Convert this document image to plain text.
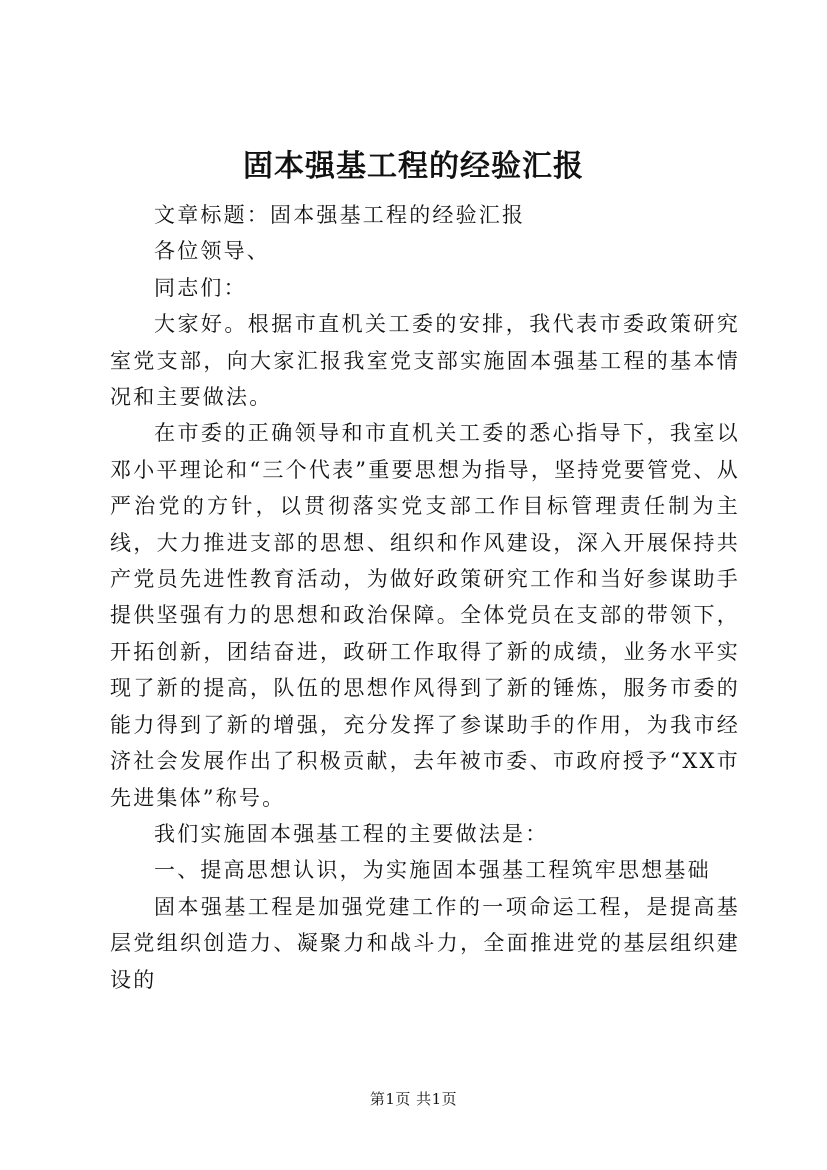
固本强基工程的经验汇报

文章标题：固本强基工程的经验汇报

各位领导、

同志们：

大家好。根据市直机关工委的安排，我代表市委政策研究室党支部，向大家汇报我室党支部实施固本强基工程的基本情况和主要做法。

在市委的正确领导和市直机关工委的悉心指导下，我室以邓小平理论和“三个代表”重要思想为指导，坚持党要管党、从严治党的方针，以贯彻落实党支部工作目标管理责任制为主线，大力推进支部的思想、组织和作风建设，深入开展保持共产党员先进性教育活动，为做好政策研究工作和当好参谋助手提供坚强有力的思想和政治保障。全体党员在支部的带领下，开拓创新，团结奋进，政研工作取得了新的成绩，业务水平实现了新的提高，队伍的思想作风得到了新的锤炼，服务市委的能力得到了新的增强，充分发挥了参谋助手的作用，为我市经济社会发展作出了积极贡献，去年被市委、市政府授予“XX市先进集体”称号。

我们实施固本强基工程的主要做法是：

一、提高思想认识，为实施固本强基工程筑牢思想基础

固本强基工程是加强党建工作的一项命运工程，是提高基层党组织创造力、凝聚力和战斗力，全面推进党的基层组织建设的

第1页 共1页
